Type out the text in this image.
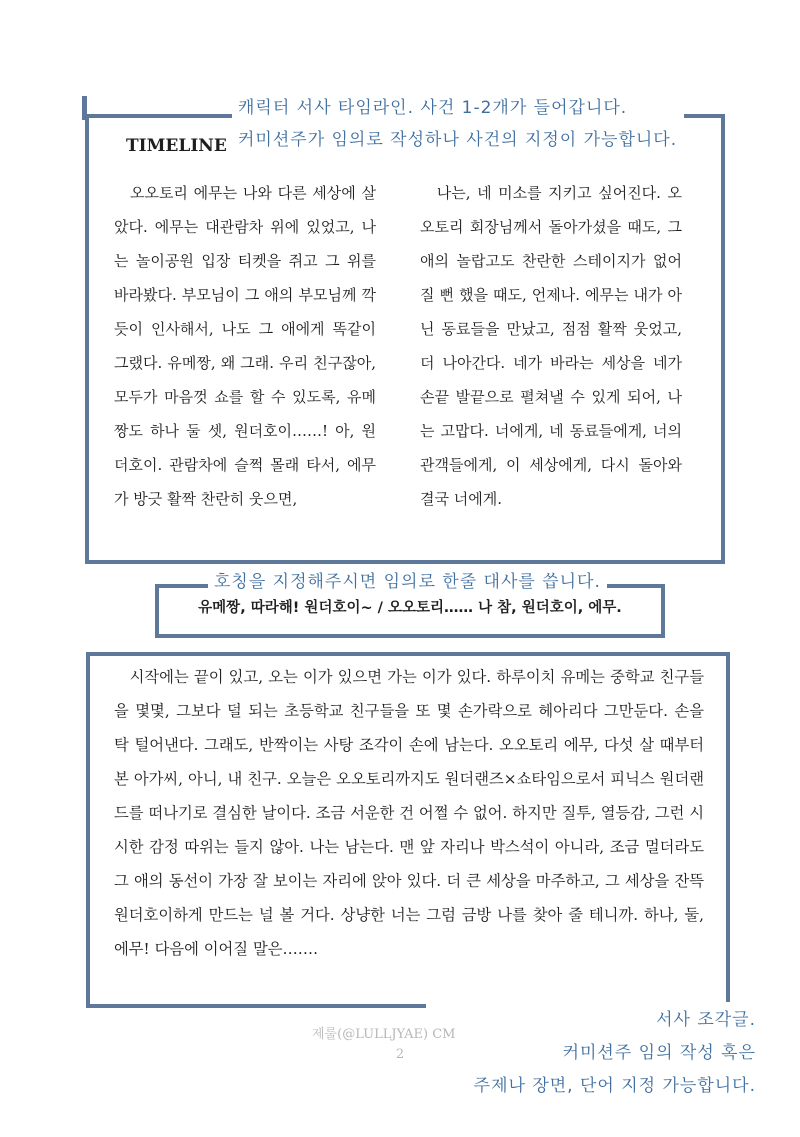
캐릭터 서사 타임라인. 사건 1-2개가 들어갑니다.
커미션주가 임의로 작성하나 사건의 지정이 가능합니다.
호칭을 지정해주시면 임의로 한줄 대사를 씁니다.
서사 조각글.
커미션주 임의 작성 혹은
주제나 장면, 단어 지정 가능합니다.
TIMELINE
　오오토리 에무는 나와 다른 세상에 살았다. 에무는 대관람차 위에 있었고, 나는 놀이공원 입장 티켓을 쥐고 그 위를 바라봤다. 부모님이 그 애의 부모님께 깍듯이 인사해서, 나도 그 애에게 똑같이 그랬다. 유메짱, 왜 그래. 우리 친구잖아, 모두가 마음껏 쇼를 할 수 있도록, 유메짱도 하나 둘 셋, 원더호이……! 아, 원더호이. 관람차에 슬쩍 몰래 타서, 에무가 방긋 활짝 찬란히 웃으면,
　나는, 네 미소를 지키고 싶어진다. 오오토리 회장님께서 돌아가셨을 때도, 그 애의 놀랍고도 찬란한 스테이지가 없어질 뻔 했을 때도, 언제나. 에무는 내가 아닌 동료들을 만났고, 점점 활짝 웃었고, 더 나아간다. 네가 바라는 세상을 네가 손끝 발끝으로 펼쳐낼 수 있게 되어, 나는 고맙다. 너에게, 네 동료들에게, 너의 관객들에게, 이 세상에게, 다시 돌아와 결국 너에게.
유메짱, 따라해! 원더호이~ / 오오토리…… 나 참, 원더호이, 에무.
　시작에는 끝이 있고, 오는 이가 있으면 가는 이가 있다. 하루이치 유메는 중학교 친구들을 몇몇, 그보다 덜 되는 초등학교 친구들을 또 몇 손가락으로 헤아리다 그만둔다. 손을 탁 털어낸다. 그래도, 반짝이는 사탕 조각이 손에 남는다. 오오토리 에무, 다섯 살 때부터 본 아가씨, 아니, 내 친구. 오늘은 오오토리까지도 원더랜즈×쇼타임으로서 피닉스 원더랜드를 떠나기로 결심한 날이다. 조금 서운한 건 어쩔 수 없어. 하지만 질투, 열등감, 그런 시시한 감정 따위는 들지 않아. 나는 남는다. 맨 앞 자리나 박스석이 아니라, 조금 멀더라도 그 애의 동선이 가장 잘 보이는 자리에 앉아 있다. 더 큰 세상을 마주하고, 그 세상을 잔뜩 원더호이하게 만드는 널 볼 거다. 상냥한 너는 그럼 금방 나를 찾아 줄 테니까. 하나, 둘, 에무! 다음에 이어질 말은…….
제룰(@LULLJYAE) CM
2
